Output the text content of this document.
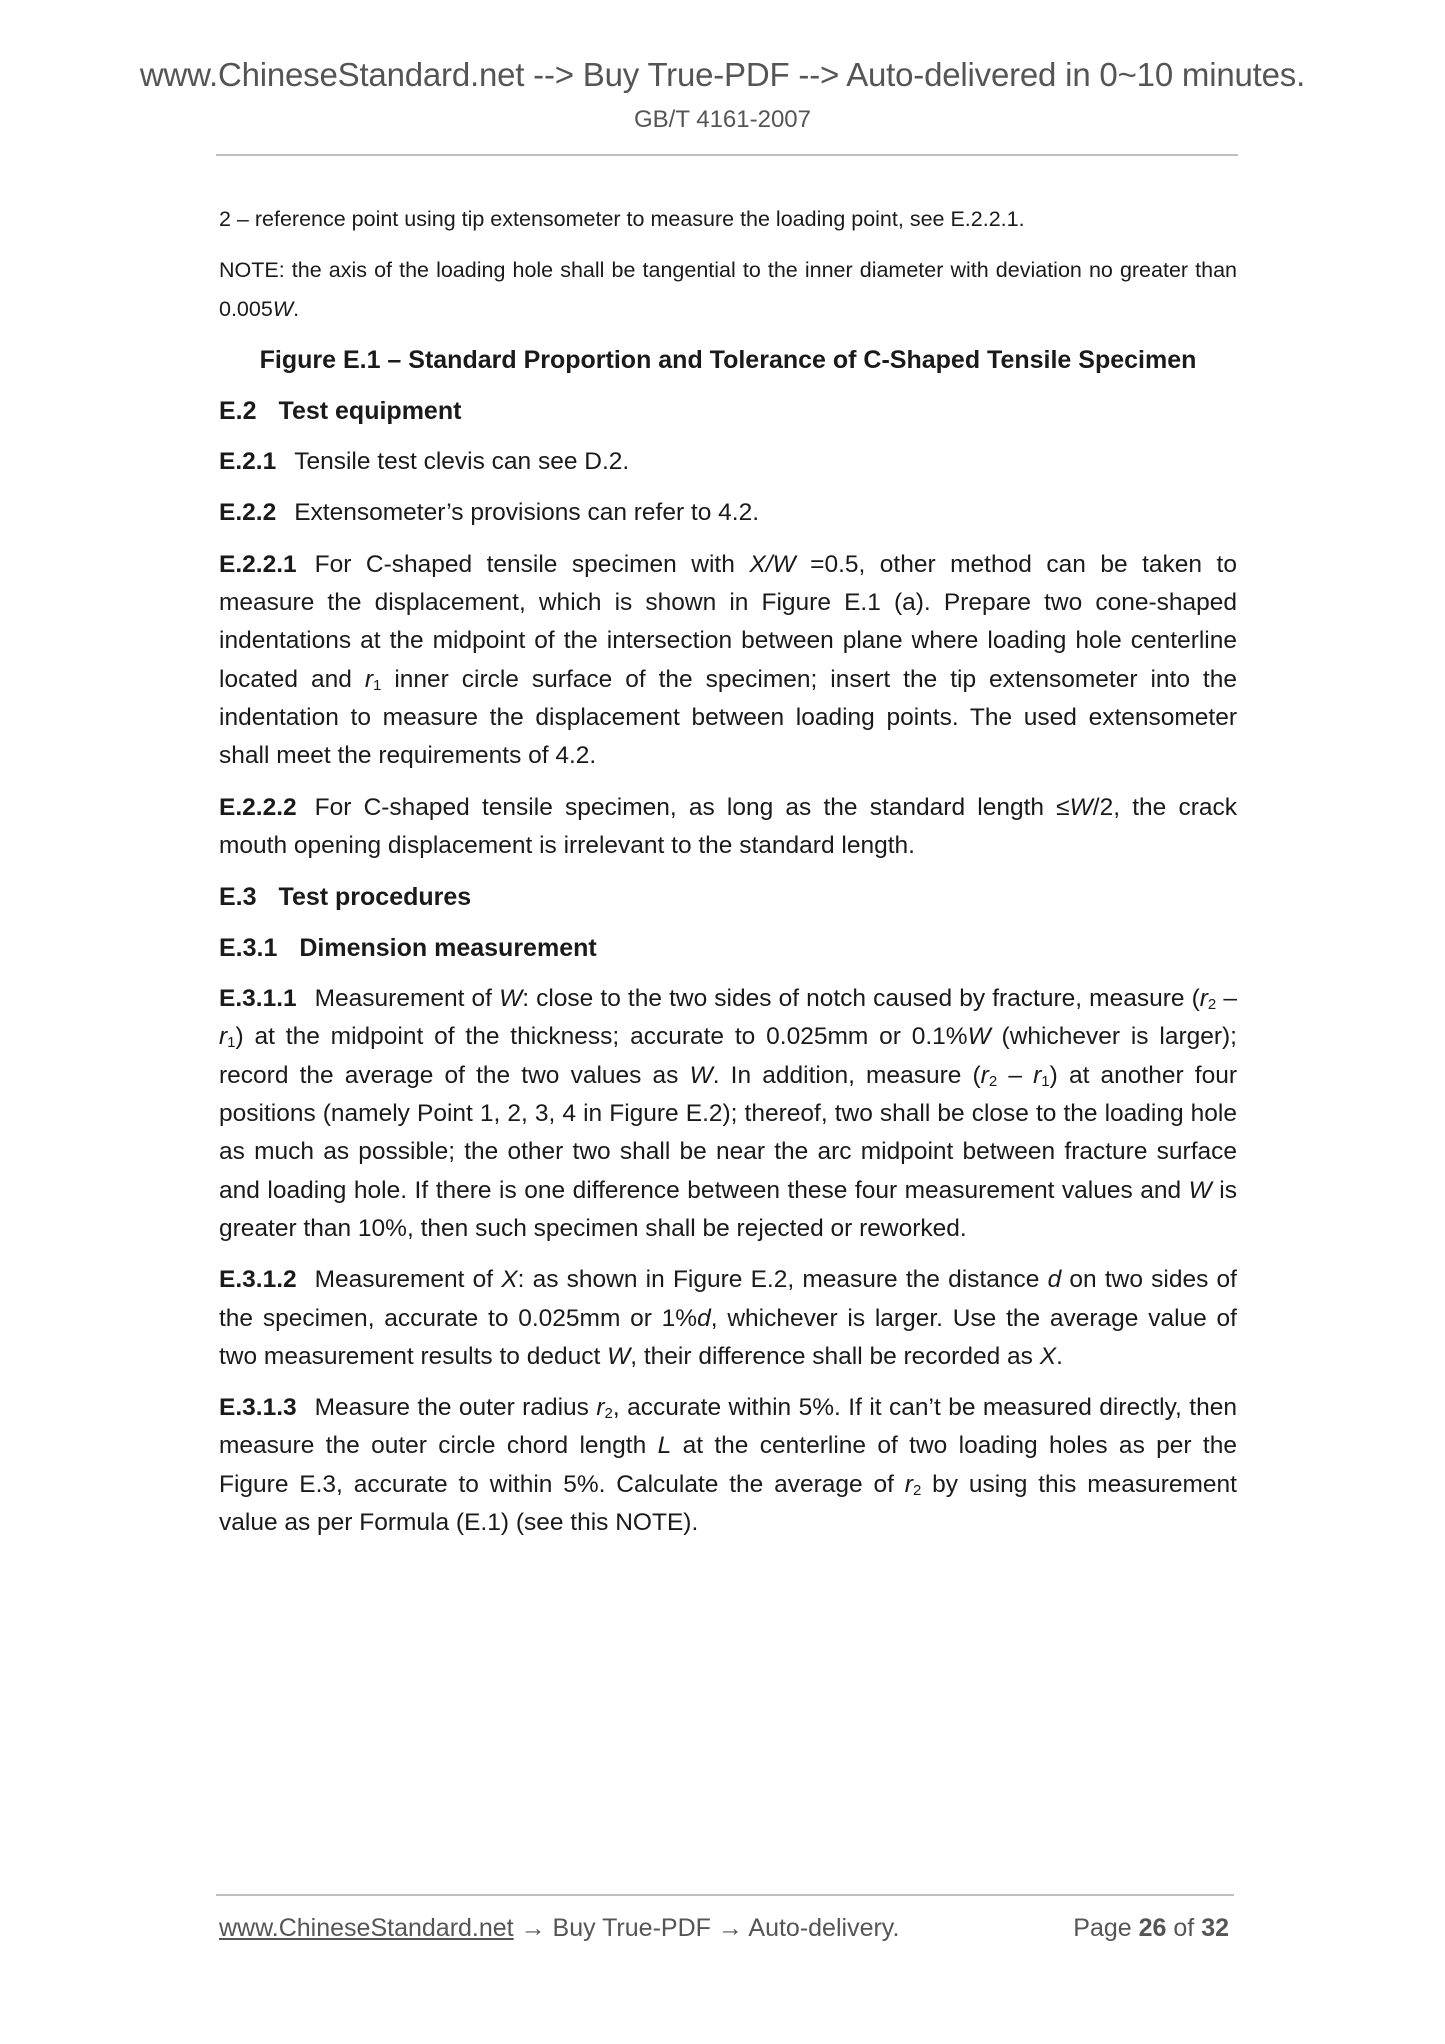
www.ChineseStandard.net --> Buy True-PDF --> Auto-delivered in 0~10 minutes.
GB/T 4161-2007

2 – reference point using tip extensometer to measure the loading point, see E.2.2.1.

NOTE: the axis of the loading hole shall be tangential to the inner diameter with deviation no greater than 0.005W.

Figure E.1 – Standard Proportion and Tolerance of C-Shaped Tensile Specimen

E.2 Test equipment

E.2.1 Tensile test clevis can see D.2.

E.2.2 Extensometer’s provisions can refer to 4.2.

E.2.2.1 For C-shaped tensile specimen with X/W =0.5, other method can be taken to measure the displacement, which is shown in Figure E.1 (a). Prepare two cone-shaped indentations at the midpoint of the intersection between plane where loading hole centerline located and $r_1$ inner circle surface of the specimen; insert the tip extensometer into the indentation to measure the displacement between loading points. The used extensometer shall meet the requirements of 4.2.

E.2.2.2 For C-shaped tensile specimen, as long as the standard length ≤W/2, the crack mouth opening displacement is irrelevant to the standard length.

E.3 Test procedures

E.3.1 Dimension measurement

E.3.1.1 Measurement of W: close to the two sides of notch caused by fracture, measure $(r_2 - r_1)$ at the midpoint of the thickness; accurate to 0.025mm or 0.1%W (whichever is larger); record the average of the two values as W. In addition, measure $(r_2 - r_1)$ at another four positions (namely Point 1, 2, 3, 4 in Figure E.2); thereof, two shall be close to the loading hole as much as possible; the other two shall be near the arc midpoint between fracture surface and loading hole. If there is one difference between these four measurement values and W is greater than 10%, then such specimen shall be rejected or reworked.

E.3.1.2 Measurement of X: as shown in Figure E.2, measure the distance d on two sides of the specimen, accurate to 0.025mm or 1%d, whichever is larger. Use the average value of two measurement results to deduct W, their difference shall be recorded as X.

E.3.1.3 Measure the outer radius $r_2$, accurate within 5%. If it can’t be measured directly, then measure the outer circle chord length L at the centerline of two loading holes as per the Figure E.3, accurate to within 5%. Calculate the average of $r_2$ by using this measurement value as per Formula (E.1) (see this NOTE).

www.ChineseStandard.net → Buy True-PDF → Auto-delivery.	Page 26 of 32
